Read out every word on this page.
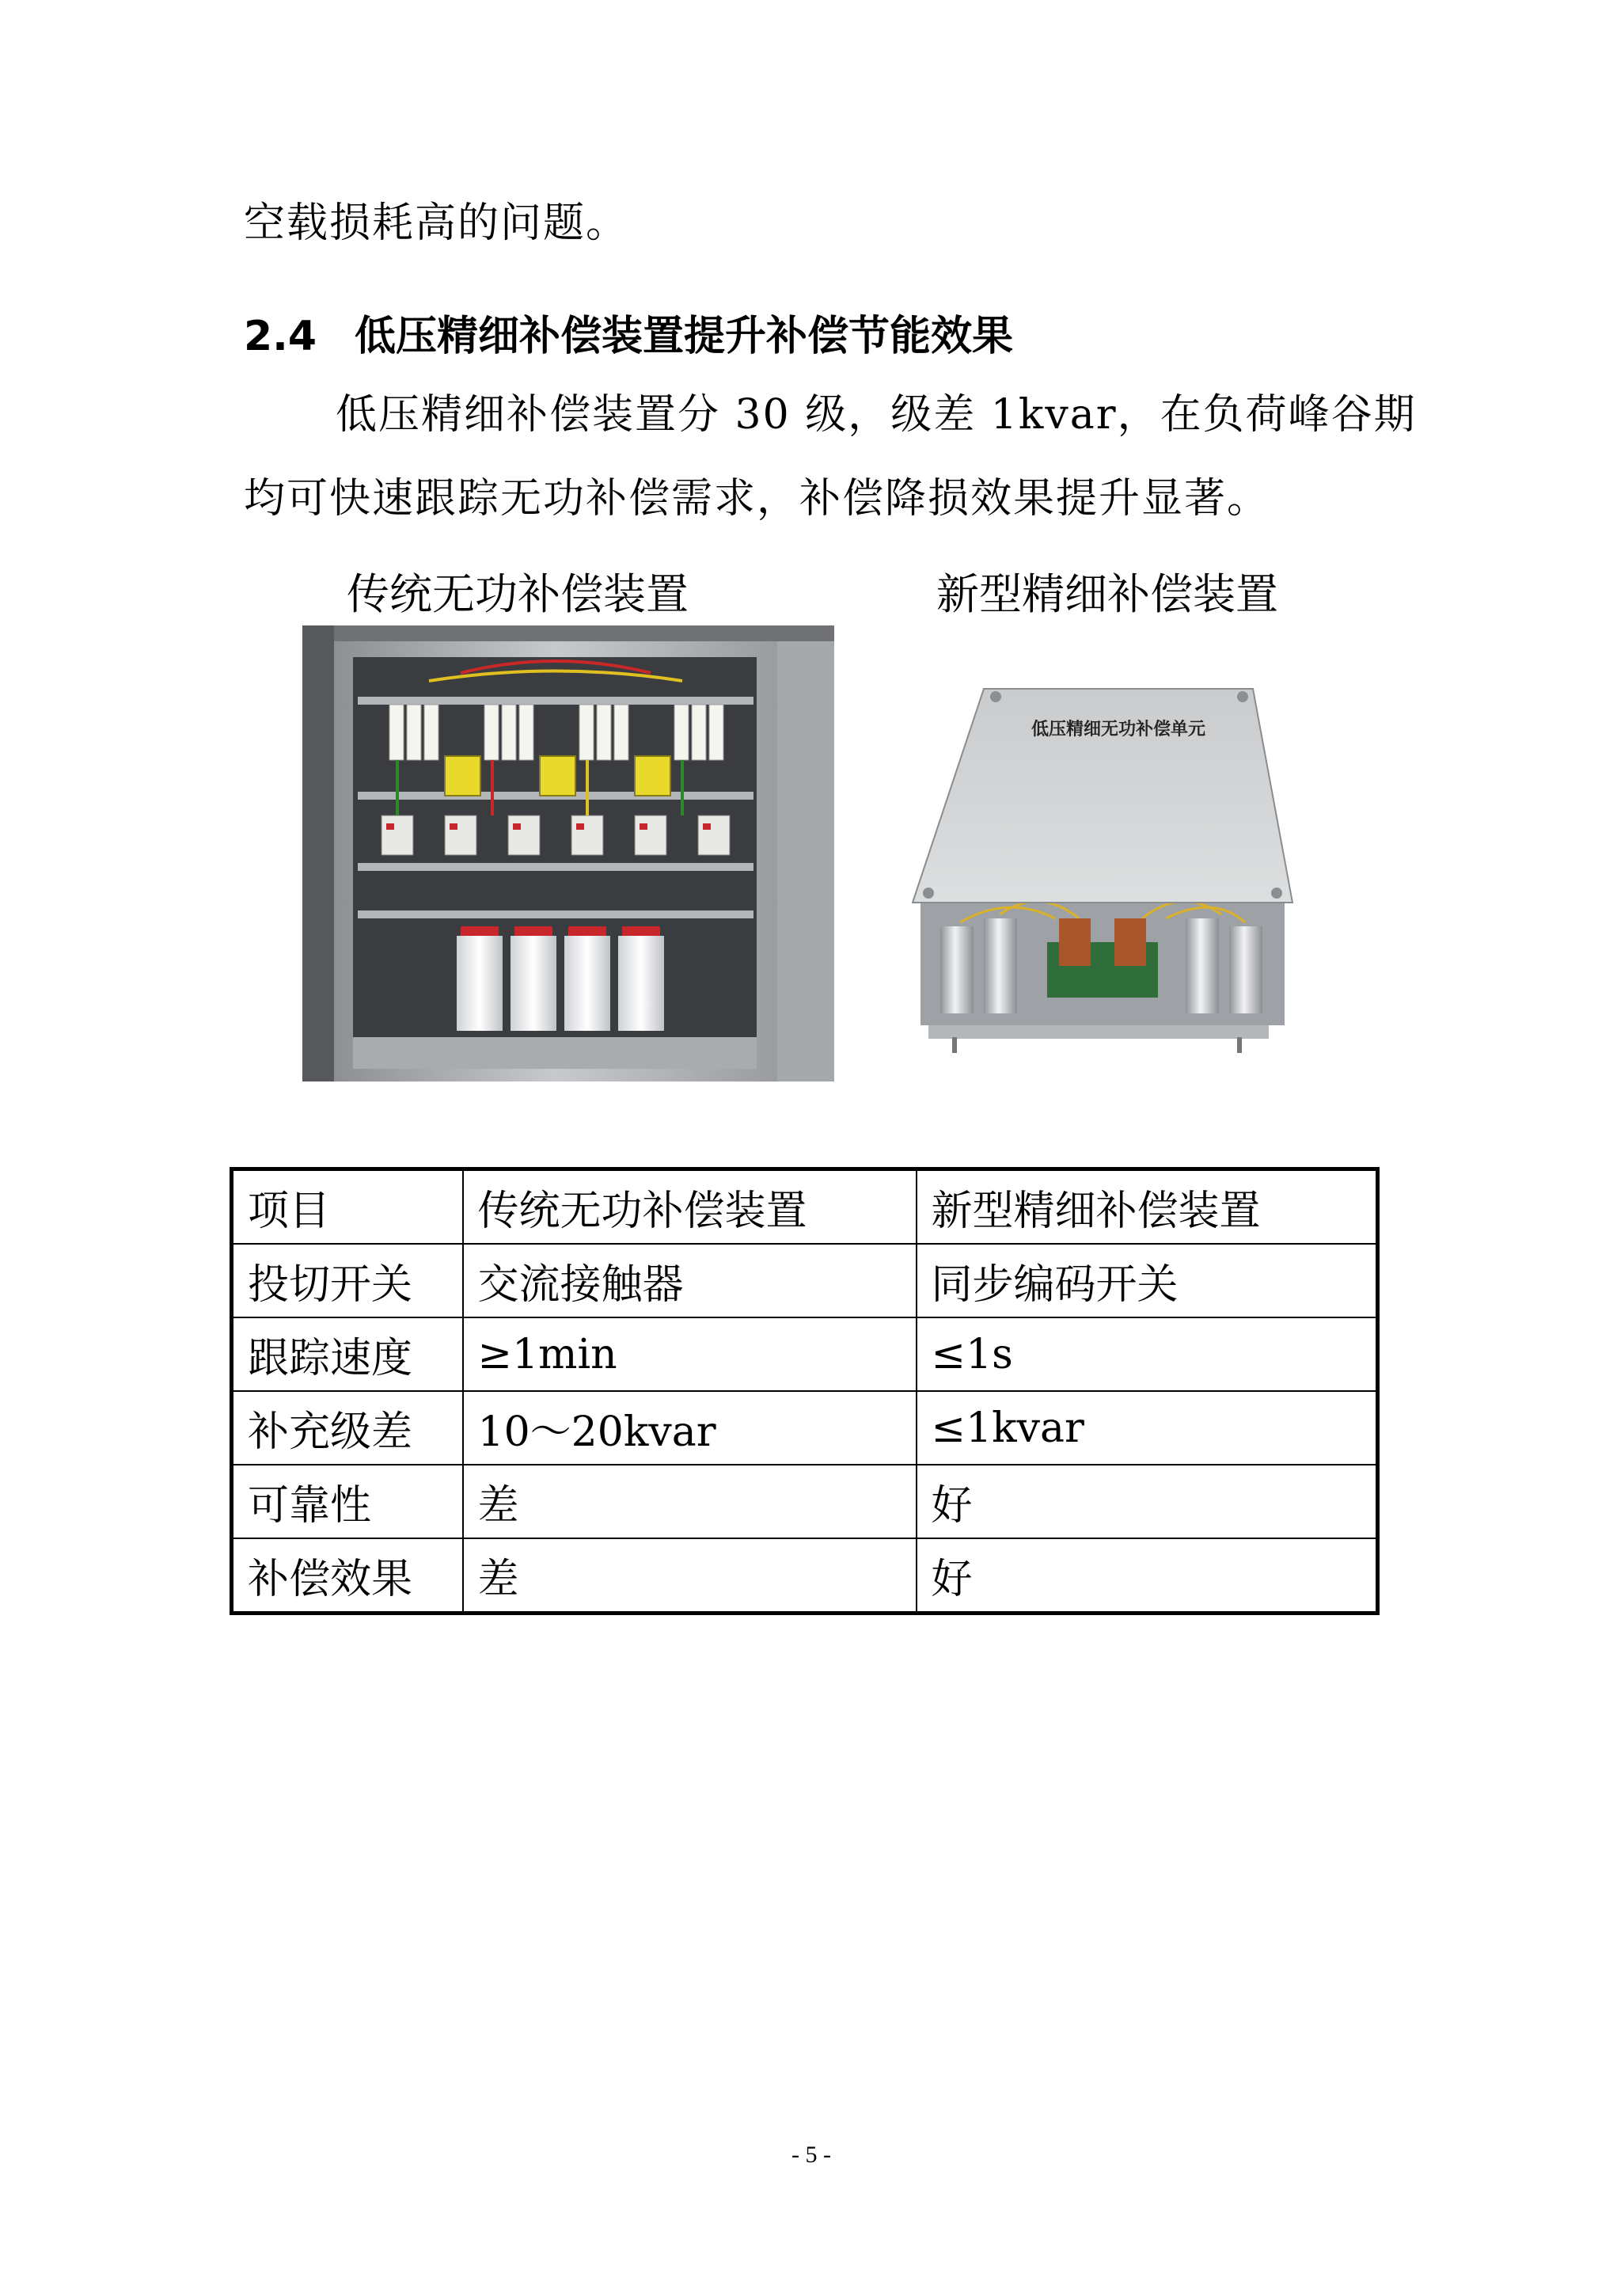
空载损耗高的问题。
2.4 低压精细补偿装置提升补偿节能效果
低压精细补偿装置分 30 级，级差 1kvar，在负荷峰谷期
均可快速跟踪无功补偿需求，补偿降损效果提升显著。
传统无功补偿装置	新型精细补偿装置
低压精细无功补偿单元
项目	传统无功补偿装置	新型精细补偿装置
投切开关	交流接触器	同步编码开关
跟踪速度	≥1min	≤1s
补充级差	10～20kvar	≤1kvar
可靠性	差	好
补偿效果	差	好
- 5 -
